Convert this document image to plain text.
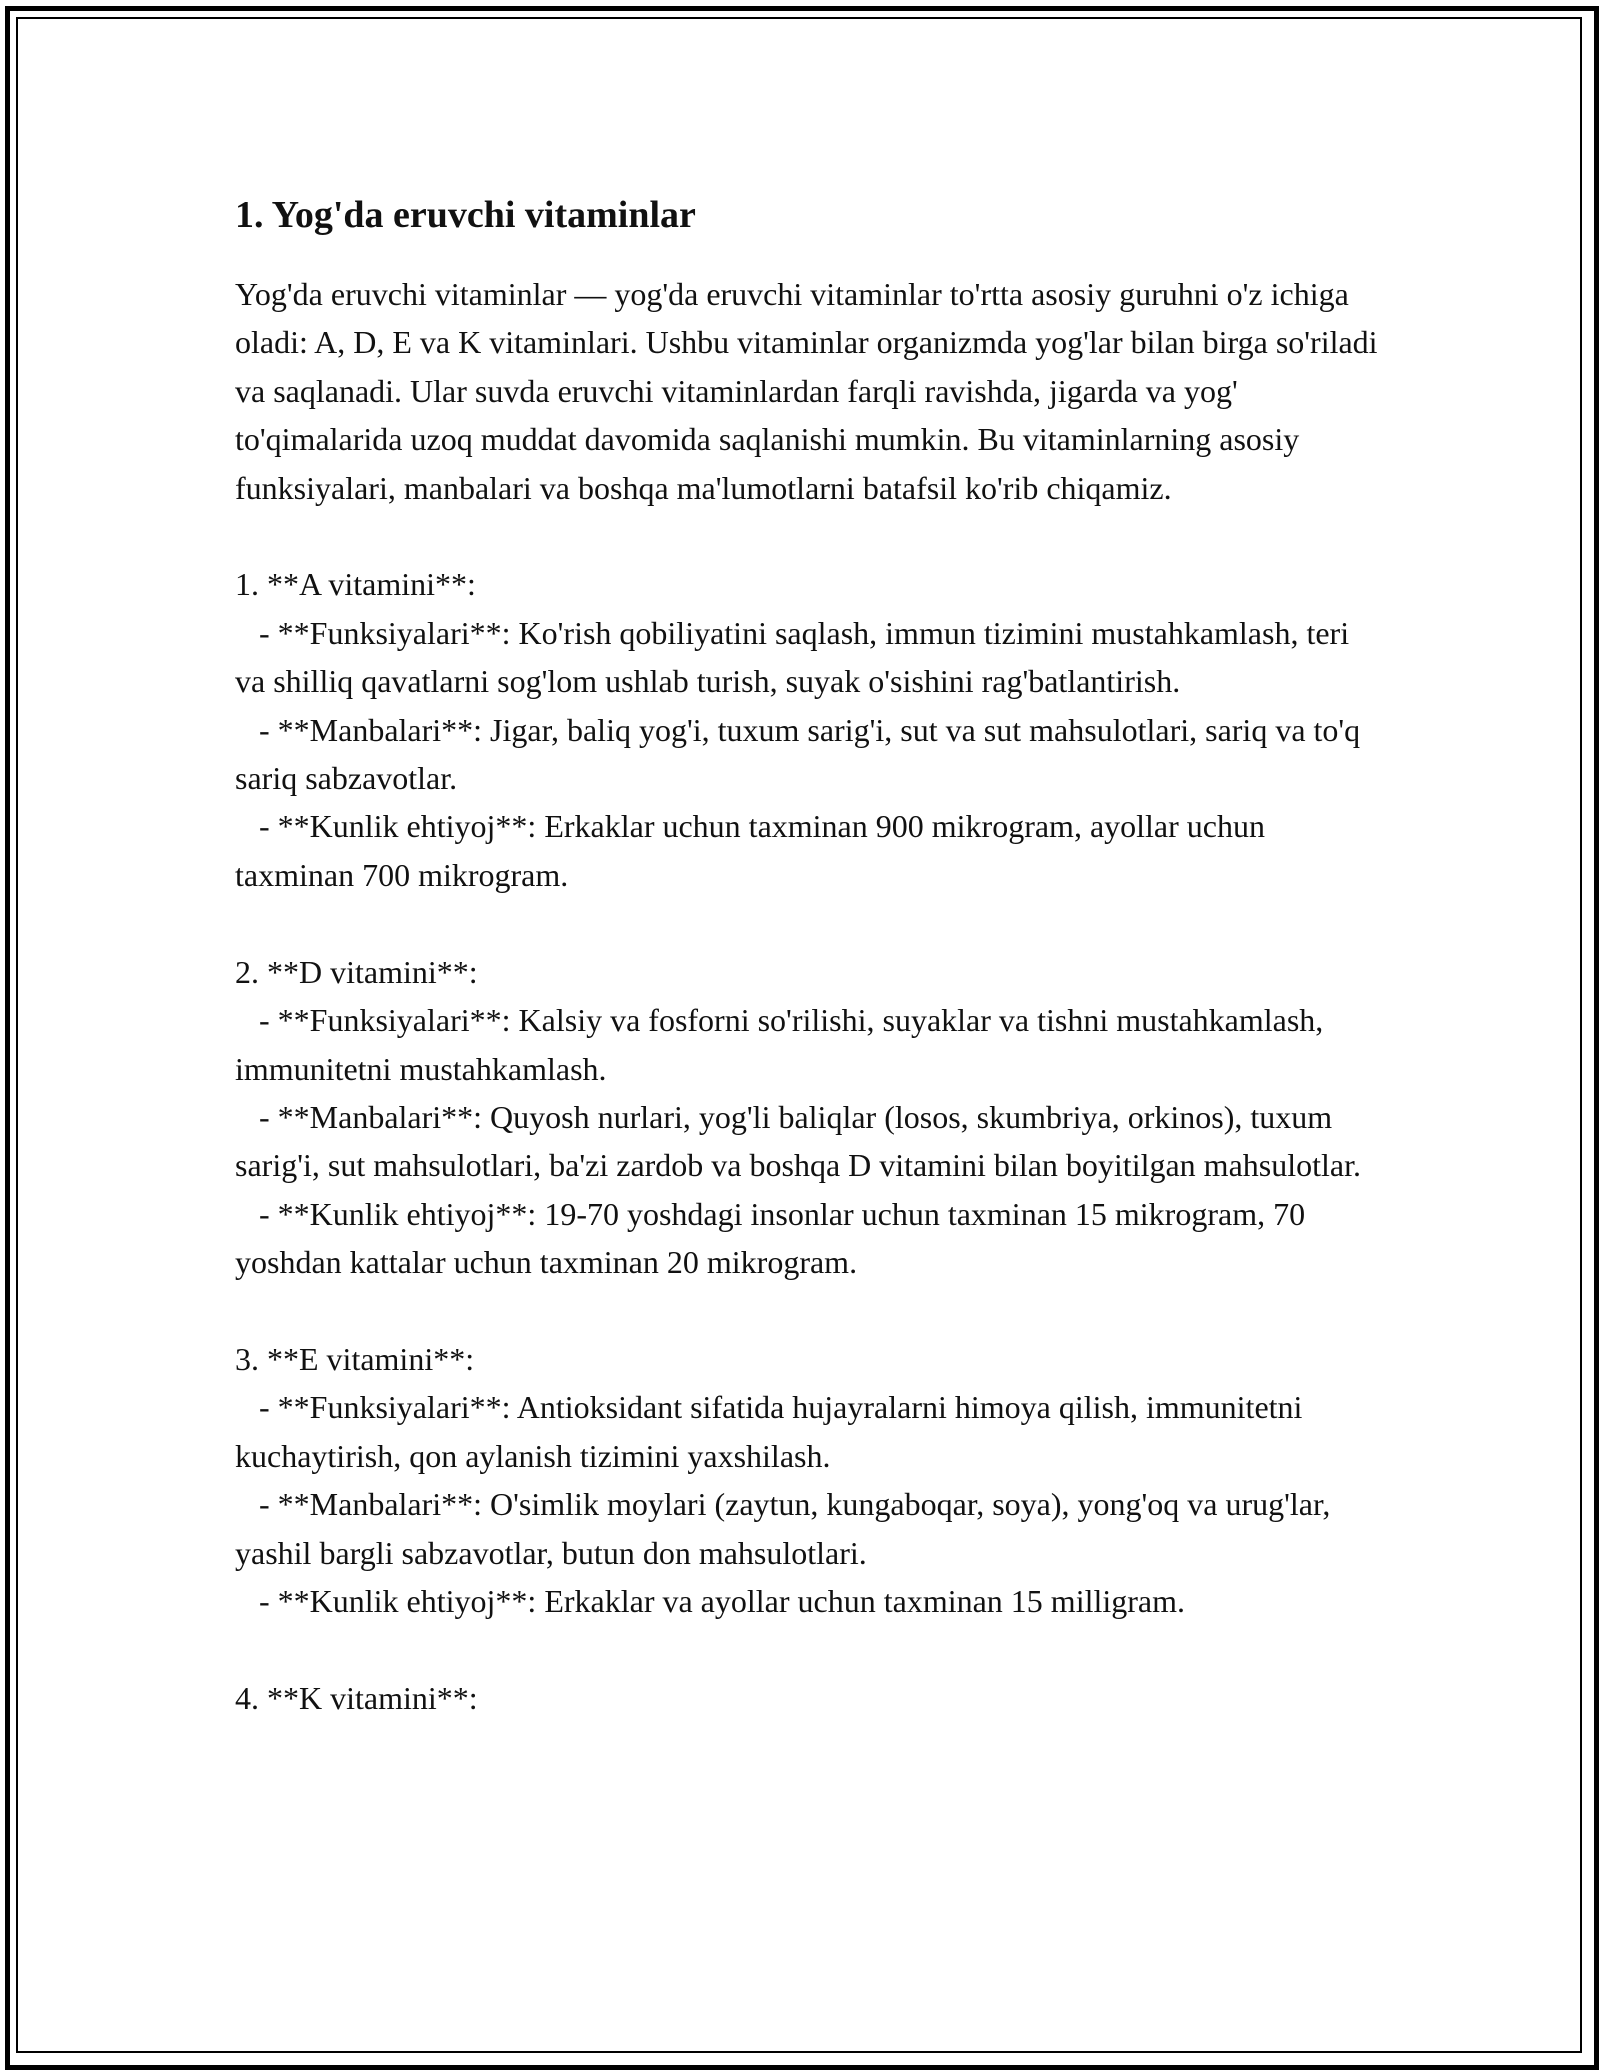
1. Yog'da eruvchi vitaminlar
Yog'da eruvchi vitaminlar — yog'da eruvchi vitaminlar to'rtta asosiy guruhni o'z ichiga oladi: A, D, E va K vitaminlari. Ushbu vitaminlar organizmda yog'lar bilan birga so'riladi va saqlanadi. Ular suvda eruvchi vitaminlardan farqli ravishda, jigarda va yog' to'qimalarida uzoq muddat davomida saqlanishi mumkin. Bu vitaminlarning asosiy funksiyalari, manbalari va boshqa ma'lumotlarni batafsil ko'rib chiqamiz.

1. **A vitamini**:
- **Funksiyalari**: Ko'rish qobiliyatini saqlash, immun tizimini mustahkamlash, teri va shilliq qavatlarni sog'lom ushlab turish, suyak o'sishini rag'batlantirish.
- **Manbalari**: Jigar, baliq yog'i, tuxum sarig'i, sut va sut mahsulotlari, sariq va to'q sariq sabzavotlar.
- **Kunlik ehtiyoj**: Erkaklar uchun taxminan 900 mikrogram, ayollar uchun taxminan 700 mikrogram.

2. **D vitamini**:
- **Funksiyalari**: Kalsiy va fosforni so'rilishi, suyaklar va tishni mustahkamlash, immunitetni mustahkamlash.
- **Manbalari**: Quyosh nurlari, yog'li baliqlar (losos, skumbriya, orkinos), tuxum sarig'i, sut mahsulotlari, ba'zi zardob va boshqa D vitamini bilan boyitilgan mahsulotlar.
- **Kunlik ehtiyoj**: 19-70 yoshdagi insonlar uchun taxminan 15 mikrogram, 70 yoshdan kattalar uchun taxminan 20 mikrogram.

3. **E vitamini**:
- **Funksiyalari**: Antioksidant sifatida hujayralarni himoya qilish, immunitetni kuchaytirish, qon aylanish tizimini yaxshilash.
- **Manbalari**: O'simlik moylari (zaytun, kungaboqar, soya), yong'oq va urug'lar, yashil bargli sabzavotlar, butun don mahsulotlari.
- **Kunlik ehtiyoj**: Erkaklar va ayollar uchun taxminan 15 milligram.

4. **K vitamini**:
